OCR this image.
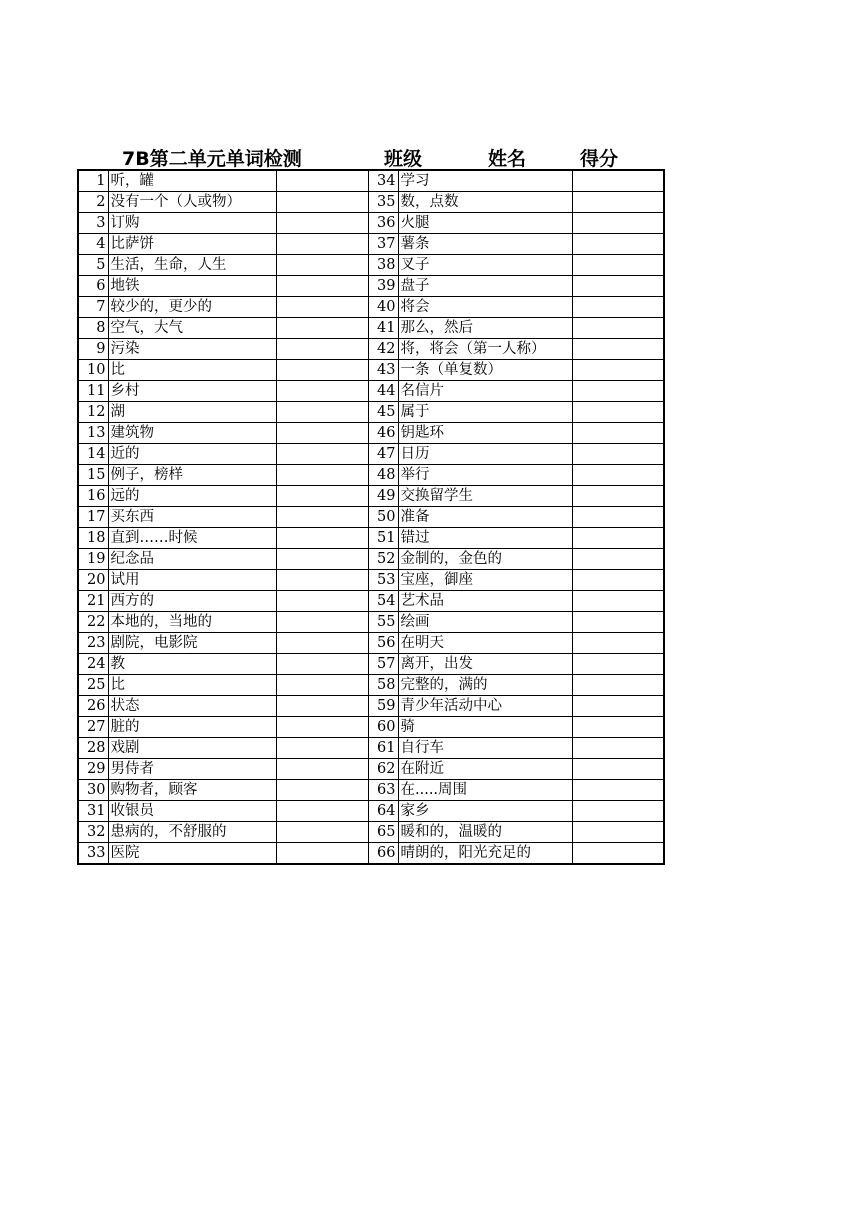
7B第二单元单词检测	班级	姓名	得分
1	听，罐		34	学习	
2	没有一个（人或物）		35	数，点数	
3	订购		36	火腿	
4	比萨饼		37	薯条	
5	生活，生命，人生		38	叉子	
6	地铁		39	盘子	
7	较少的，更少的		40	将会	
8	空气，大气		41	那么，然后	
9	污染		42	将，将会（第一人称）	
10	比		43	一条（单复数）	
11	乡村		44	名信片	
12	湖		45	属于	
13	建筑物		46	钥匙环	
14	近的		47	日历	
15	例子，榜样		48	举行	
16	远的		49	交换留学生	
17	买东西		50	准备	
18	直到……时候		51	错过	
19	纪念品		52	金制的，金色的	
20	试用		53	宝座，御座	
21	西方的		54	艺术品	
22	本地的，当地的		55	绘画	
23	剧院，电影院		56	在明天	
24	教		57	离开，出发	
25	比		58	完整的，满的	
26	状态		59	青少年活动中心	
27	脏的		60	骑	
28	戏剧		61	自行车	
29	男侍者		62	在附近	
30	购物者，顾客		63	在.....周围	
31	收银员		64	家乡	
32	患病的，不舒服的		65	暖和的，温暖的	
33	医院		66	晴朗的，阳光充足的	
